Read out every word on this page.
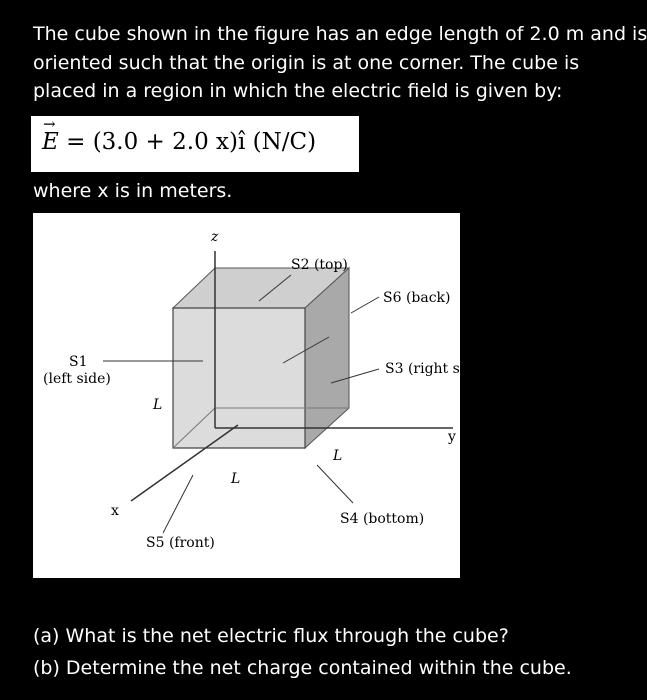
The cube shown in the figure has an edge length of 2.0 m and is
oriented such that the origin is at one corner. The cube is
placed in a region in which the electric field is given by:
→ E = (3.0 + 2.0 x)î (N/C)
where x is in meters.
z
y
x
S1
(left side)
S2 (top)
S6 (back)
S3 (right side)
S4 (bottom)
S5 (front)
L
L
L
(a) What is the net electric flux through the cube?
(b) Determine the net charge contained within the cube.
